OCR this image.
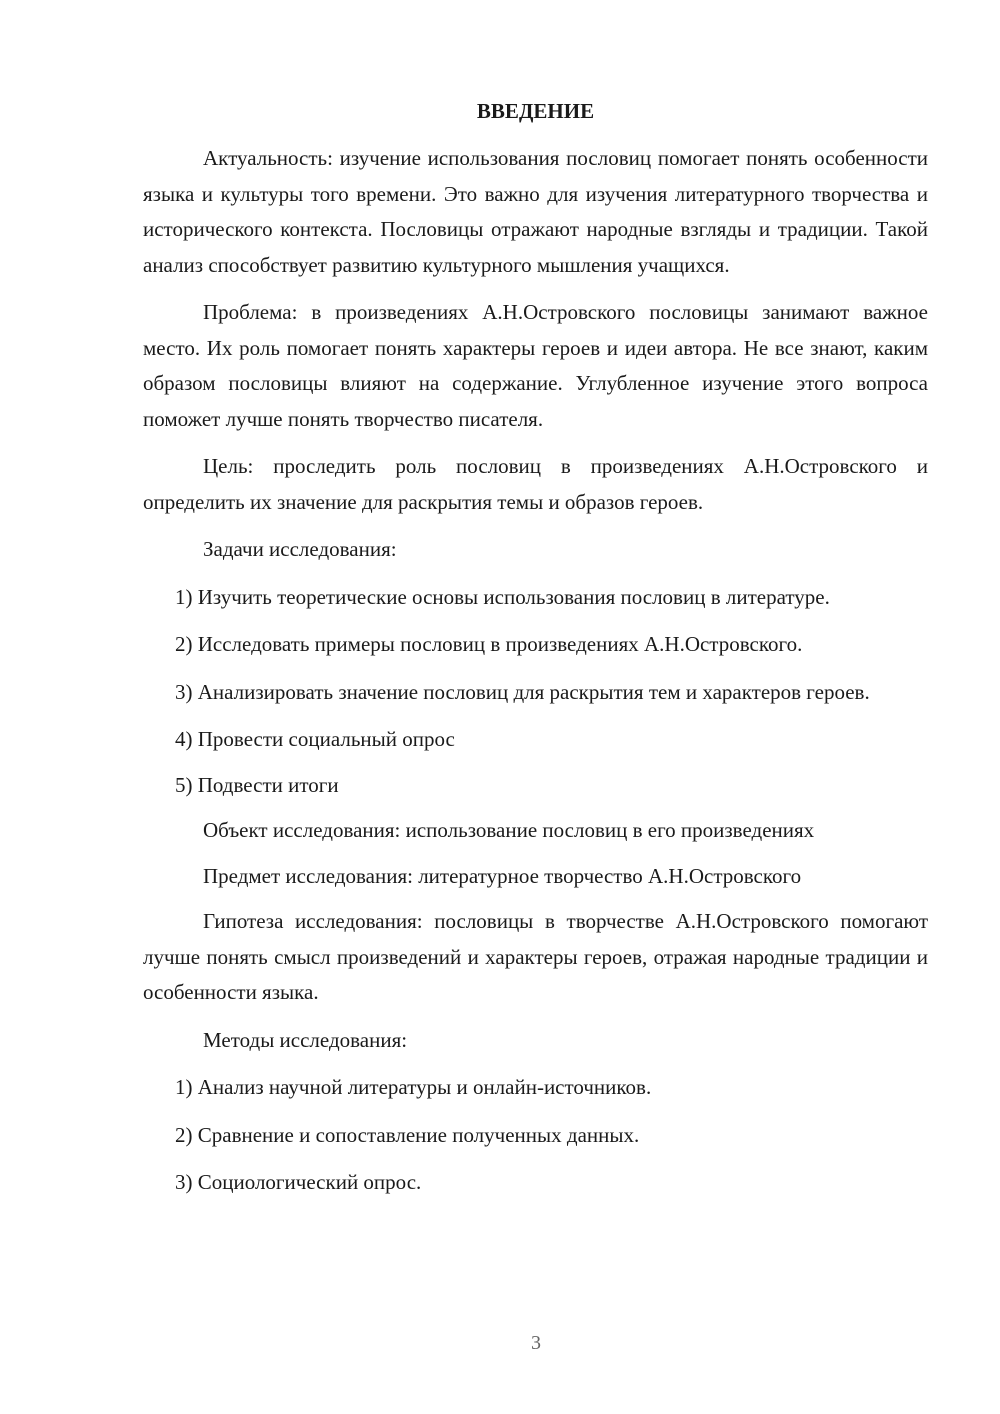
ВВЕДЕНИЕ

Актуальность: изучение использования пословиц помогает понять особенности языка и культуры того времени. Это важно для изучения литературного творчества и исторического контекста. Пословицы отражают народные взгляды и традиции. Такой анализ способствует развитию культурного мышления учащихся.

Проблема: в произведениях А.Н.Островского пословицы занимают важное место. Их роль помогает понять характеры героев и идеи автора. Не все знают, каким образом пословицы влияют на содержание. Углубленное изучение этого вопроса поможет лучше понять творчество писателя.

Цель: проследить роль пословиц в произведениях А.Н.Островского и определить их значение для раскрытия темы и образов героев.

Задачи исследования:

1) Изучить теоретические основы использования пословиц в литературе.

2) Исследовать примеры пословиц в произведениях А.Н.Островского.

3) Анализировать значение пословиц для раскрытия тем и характеров героев.

4) Провести социальный опрос

5) Подвести итоги

Объект исследования: использование пословиц в его произведениях

Предмет исследования: литературное творчество А.Н.Островского

Гипотеза исследования: пословицы в творчестве А.Н.Островского помогают лучше понять смысл произведений и характеры героев, отражая народные традиции и особенности языка.

Методы исследования:

1) Анализ научной литературы и онлайн-источников.

2) Сравнение и сопоставление полученных данных.

3) Социологический опрос.

3
